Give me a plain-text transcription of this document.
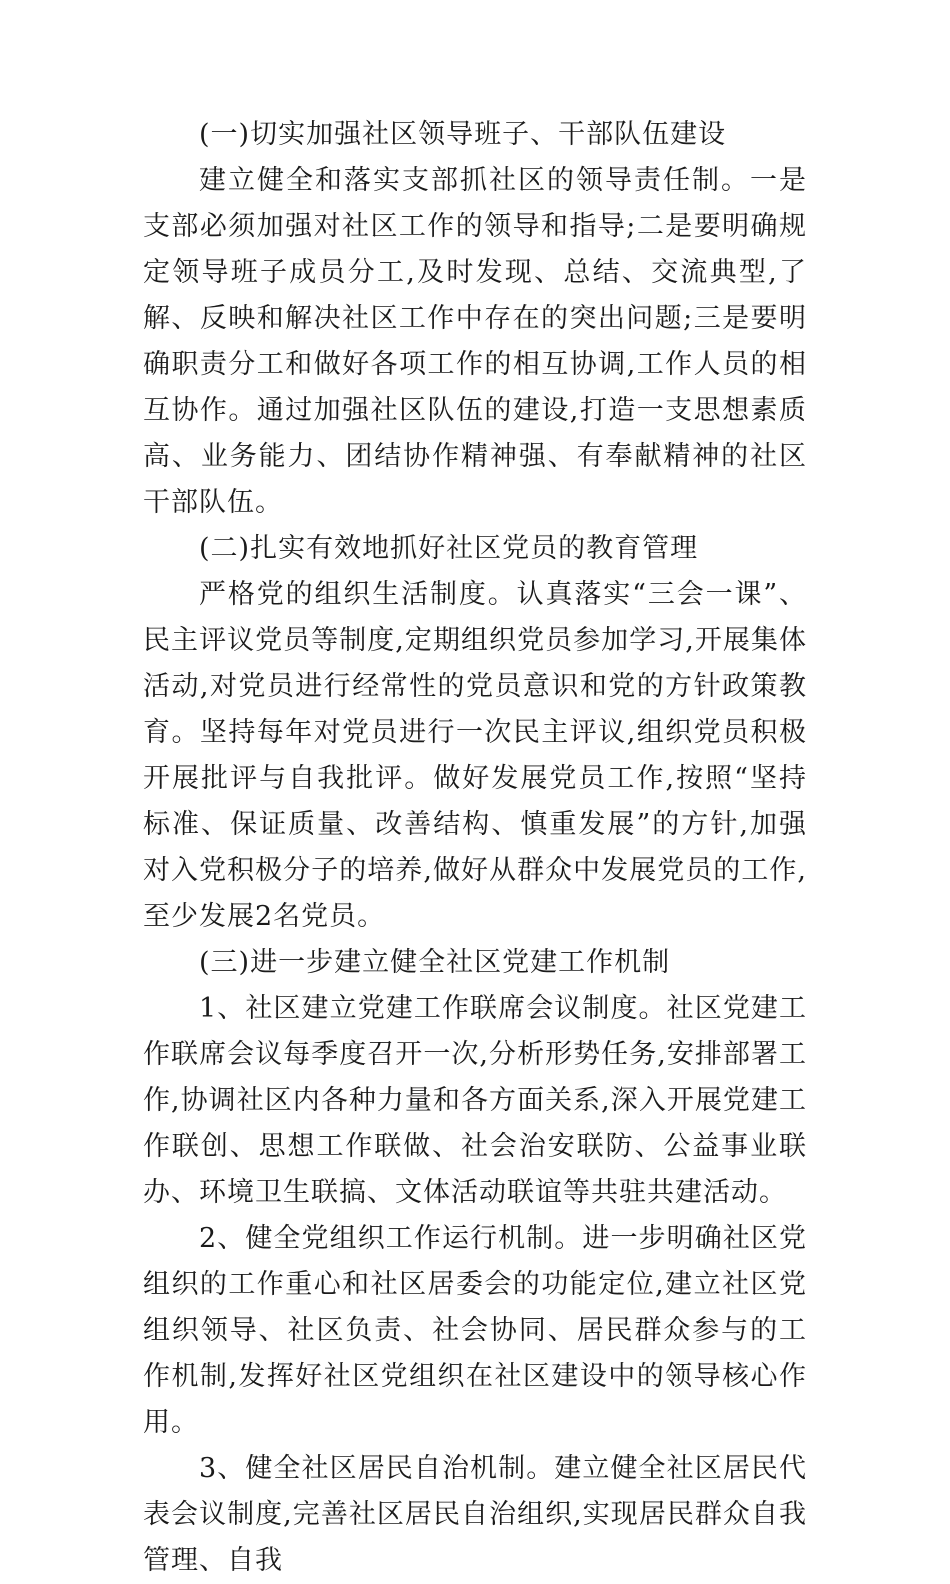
(一)切实加强社区领导班子、干部队伍建设

建立健全和落实支部抓社区的领导责任制。一是支部必须加强对社区工作的领导和指导;二是要明确规定领导班子成员分工,及时发现、总结、交流典型,了解、反映和解决社区工作中存在的突出问题;三是要明确职责分工和做好各项工作的相互协调,工作人员的相互协作。通过加强社区队伍的建设,打造一支思想素质高、业务能力、团结协作精神强、有奉献精神的社区干部队伍。

(二)扎实有效地抓好社区党员的教育管理

严格党的组织生活制度。认真落实“三会一课”、民主评议党员等制度,定期组织党员参加学习,开展集体活动,对党员进行经常性的党员意识和党的方针政策教育。坚持每年对党员进行一次民主评议,组织党员积极开展批评与自我批评。做好发展党员工作,按照“坚持标准、保证质量、改善结构、慎重发展”的方针,加强对入党积极分子的培养,做好从群众中发展党员的工作,至少发展2名党员。

(三)进一步建立健全社区党建工作机制

1、社区建立党建工作联席会议制度。社区党建工作联席会议每季度召开一次,分析形势任务,安排部署工作,协调社区内各种力量和各方面关系,深入开展党建工作联创、思想工作联做、社会治安联防、公益事业联办、环境卫生联搞、文体活动联谊等共驻共建活动。

2、健全党组织工作运行机制。进一步明确社区党组织的工作重心和社区居委会的功能定位,建立社区党组织领导、社区负责、社会协同、居民群众参与的工作机制,发挥好社区党组织在社区建设中的领导核心作用。

3、健全社区居民自治机制。建立健全社区居民代表会议制度,完善社区居民自治组织,实现居民群众自我管理、自我
